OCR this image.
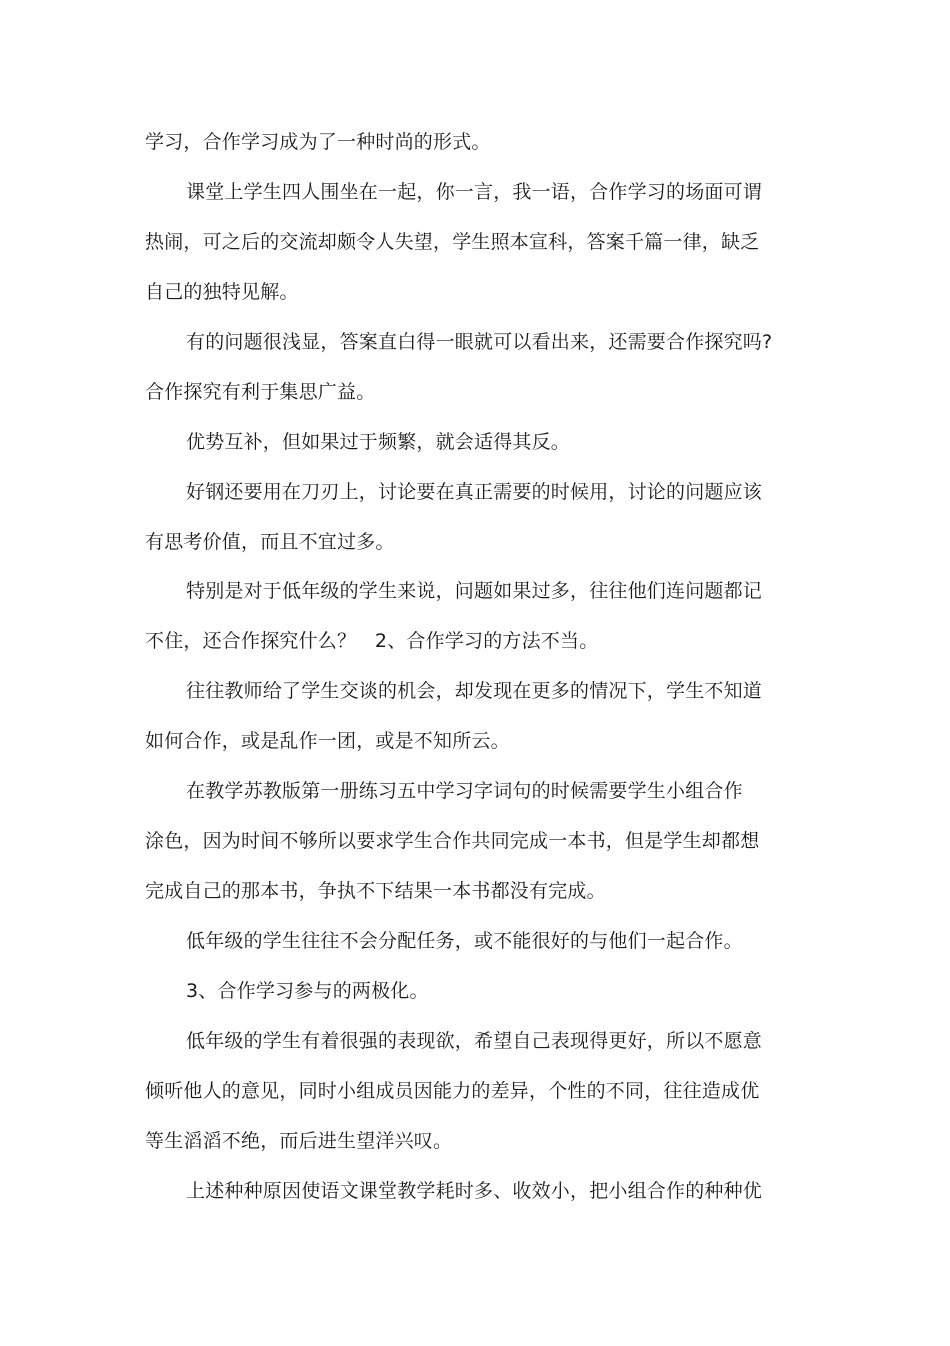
学习，合作学习成为了一种时尚的形式。
课堂上学生四人围坐在一起，你一言，我一语，合作学习的场面可谓
热闹，可之后的交流却颇令人失望，学生照本宣科，答案千篇一律，缺乏
自己的独特见解。
有的问题很浅显，答案直白得一眼就可以看出来，还需要合作探究吗?
合作探究有利于集思广益。
优势互补，但如果过于频繁，就会适得其反。
好钢还要用在刀刃上，讨论要在真正需要的时候用，讨论的问题应该
有思考价值，而且不宜过多。
特别是对于低年级的学生来说，问题如果过多，往往他们连问题都记
不住，还合作探究什么？   2、合作学习的方法不当。
往往教师给了学生交谈的机会，却发现在更多的情况下，学生不知道
如何合作，或是乱作一团，或是不知所云。
在教学苏教版第一册练习五中学习字词句的时候需要学生小组合作
涂色，因为时间不够所以要求学生合作共同完成一本书，但是学生却都想
完成自己的那本书，争执不下结果一本书都没有完成。
低年级的学生往往不会分配任务，或不能很好的与他们一起合作。
3、合作学习参与的两极化。
低年级的学生有着很强的表现欲，希望自己表现得更好，所以不愿意
倾听他人的意见，同时小组成员因能力的差异，个性的不同，往往造成优
等生滔滔不绝，而后进生望洋兴叹。
上述种种原因使语文课堂教学耗时多、收效小，把小组合作的种种优
